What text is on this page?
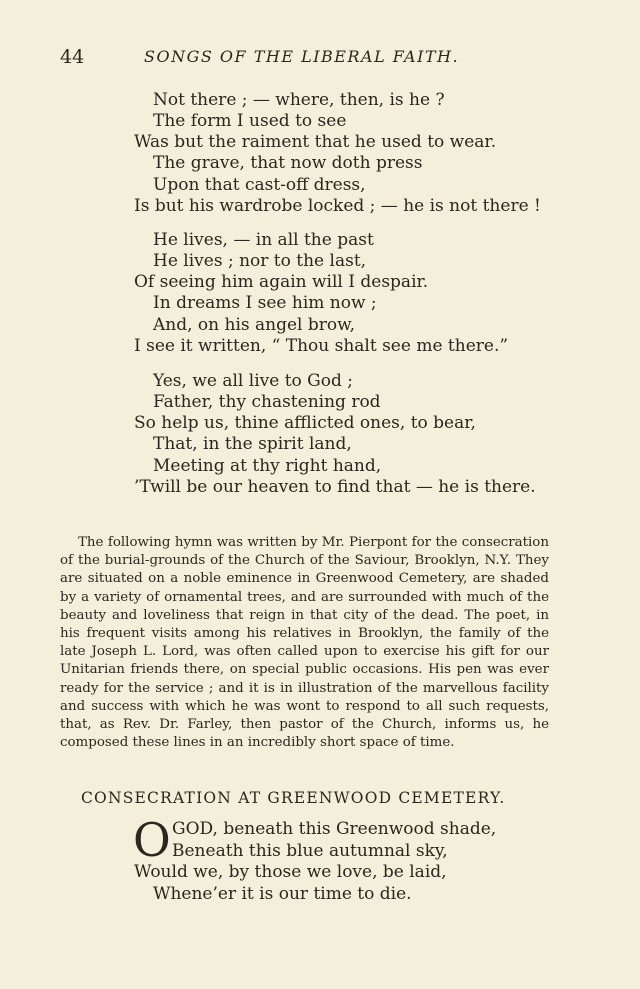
44	SONGS OF THE LIBERAL FAITH.
Not there ; — where, then, is he ?
The form I used to see
Was but the raiment that he used to wear.
The grave, that now doth press
Upon that cast-off dress,
Is but his wardrobe locked ; — he is not there !
He lives, — in all the past
He lives ; nor to the last,
Of seeing him again will I despair.
In dreams I see him now ;
And, on his angel brow,
I see it written, “ Thou shalt see me there.”
Yes, we all live to God ;
Father, thy chastening rod
So help us, thine afflicted ones, to bear,
That, in the spirit land,
Meeting at thy right hand,
’Twill be our heaven to find that — he is there.
The following hymn was written by Mr. Pierpont for the consecration of the burial-grounds of the Church of the Saviour, Brooklyn, N.Y. They are situated on a noble eminence in Greenwood Cemetery, are shaded by a variety of ornamental trees, and are surrounded with much of the beauty and loveliness that reign in that city of the dead. The poet, in his frequent visits among his relatives in Brooklyn, the family of the late Joseph L. Lord, was often called upon to exercise his gift for our Unitarian friends there, on special public occasions. His pen was ever ready for the service ; and it is in illustration of the marvellous facility and success with which he was wont to respond to all such requests, that, as Rev. Dr. Farley, then pastor of the Church, informs us, he composed these lines in an incredibly short space of time.
CONSECRATION AT GREENWOOD CEMETERY.
O GOD, beneath this Greenwood shade,
Beneath this blue autumnal sky,
Would we, by those we love, be laid,
Whene’er it is our time to die.
